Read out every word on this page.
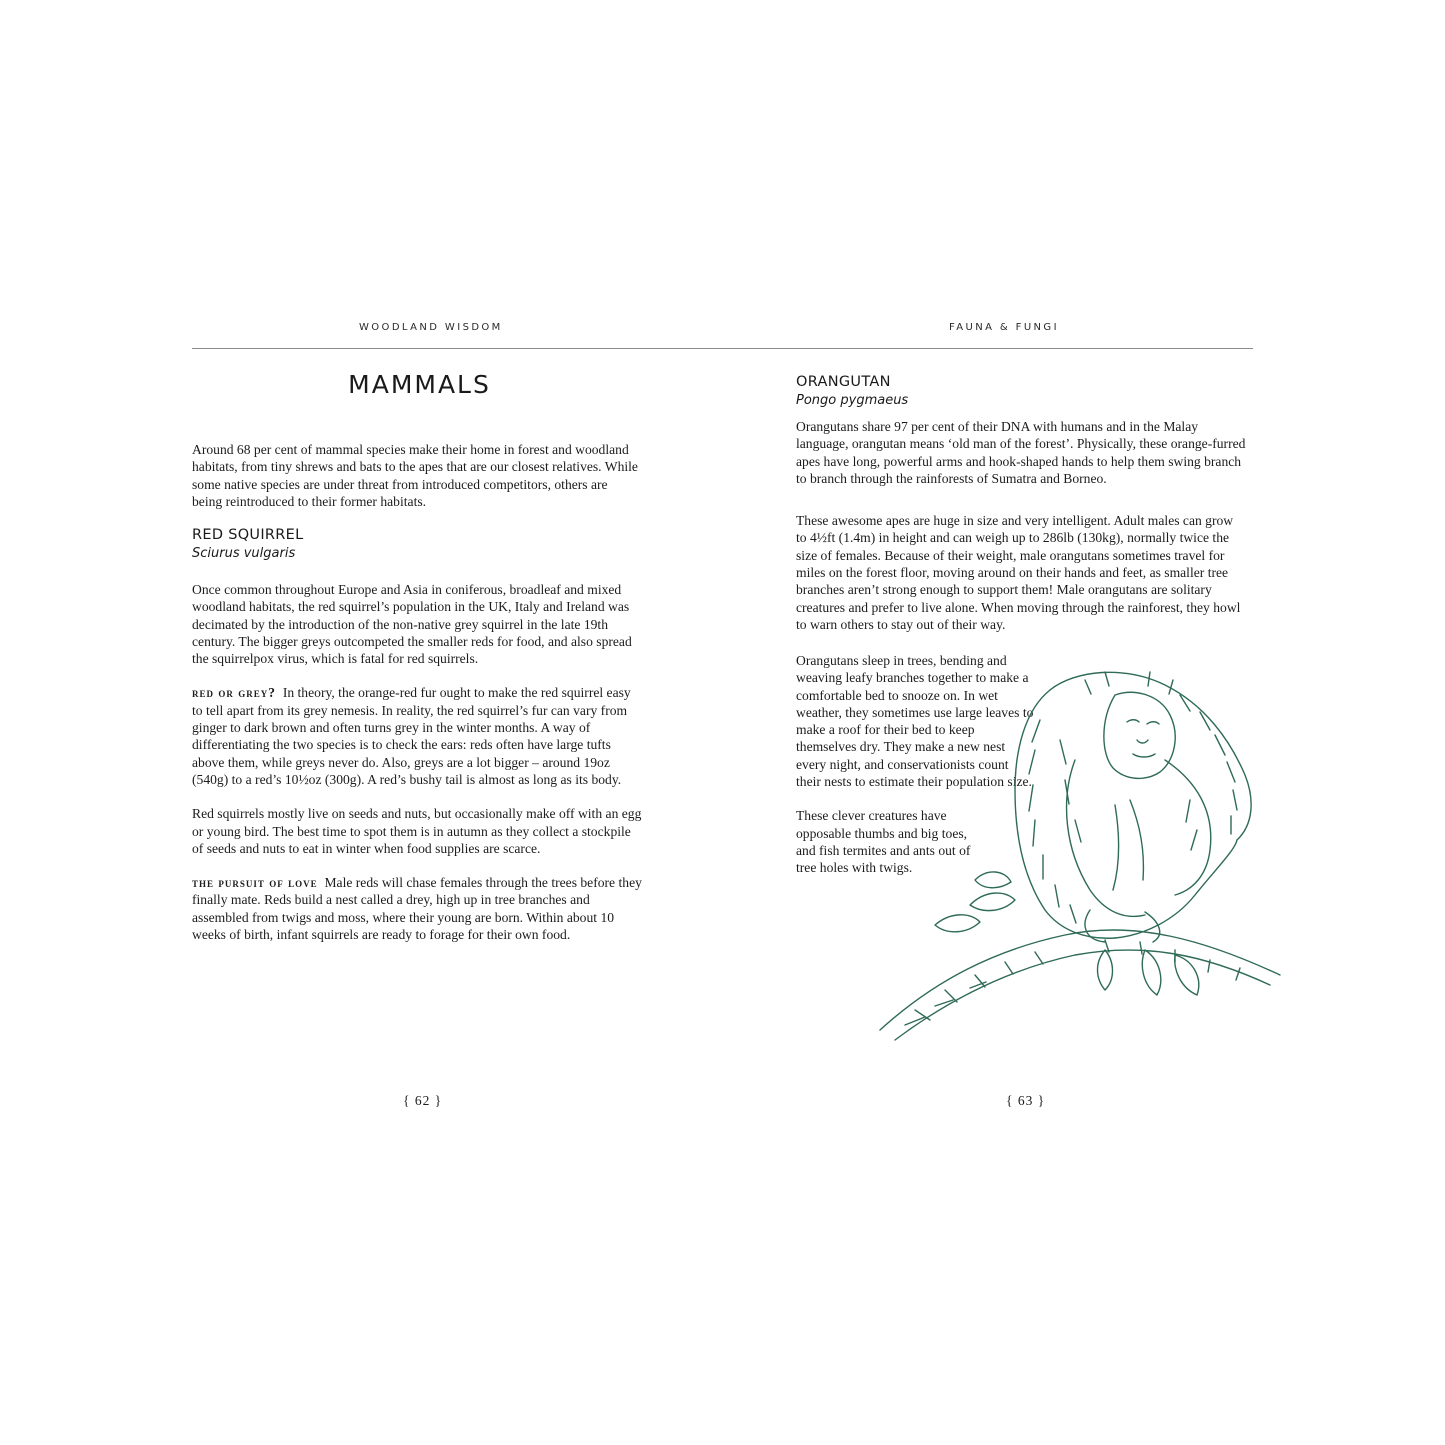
WOODLAND WISDOM	FAUNA & FUNGI
MAMMALS

Around 68 per cent of mammal species make their home in forest and woodland habitats, from tiny shrews and bats to the apes that are our closest relatives. While some native species are under threat from introduced competitors, others are being reintroduced to their former habitats.

RED SQUIRREL
Sciurus vulgaris

Once common throughout Europe and Asia in coniferous, broadleaf and mixed woodland habitats, the red squirrel’s population in the UK, Italy and Ireland was decimated by the introduction of the non-native grey squirrel in the late 19th century. The bigger greys outcompeted the smaller reds for food, and also spread the squirrelpox virus, which is fatal for red squirrels.

red or grey? In theory, the orange-red fur ought to make the red squirrel easy to tell apart from its grey nemesis. In reality, the red squirrel’s fur can vary from ginger to dark brown and often turns grey in the winter months. A way of differentiating the two species is to check the ears: reds often have large tufts above them, while greys never do. Also, greys are a lot bigger – around 19oz (540g) to a red’s 10½oz (300g). A red’s bushy tail is almost as long as its body.

Red squirrels mostly live on seeds and nuts, but occasionally make off with an egg or young bird. The best time to spot them is in autumn as they collect a stockpile of seeds and nuts to eat in winter when food supplies are scarce.

the pursuit of love Male reds will chase females through the trees before they finally mate. Reds build a nest called a drey, high up in tree branches and assembled from twigs and moss, where their young are born. Within about 10 weeks of birth, infant squirrels are ready to forage for their own food.

{ 62 }
ORANGUTAN
Pongo pygmaeus

Orangutans share 97 per cent of their DNA with humans and in the Malay language, orangutan means ‘old man of the forest’. Physically, these orange-furred apes have long, powerful arms and hook-shaped hands to help them swing branch to branch through the rainforests of Sumatra and Borneo.

These awesome apes are huge in size and very intelligent. Adult males can grow to 4½ft (1.4m) in height and can weigh up to 286lb (130kg), normally twice the size of females. Because of their weight, male orangutans sometimes travel for miles on the forest floor, moving around on their hands and feet, as smaller tree branches aren’t strong enough to support them! Male orangutans are solitary creatures and prefer to live alone. When moving through the rainforest, they howl to warn others to stay out of their way.

Orangutans sleep in trees, bending and weaving leafy branches together to make a comfortable bed to snooze on. In wet weather, they sometimes use large leaves to make a roof for their bed to keep themselves dry. They make a new nest every night, and conservationists count their nests to estimate their population size.

These clever creatures have opposable thumbs and big toes, and fish termites and ants out of tree holes with twigs.

{ 63 }
